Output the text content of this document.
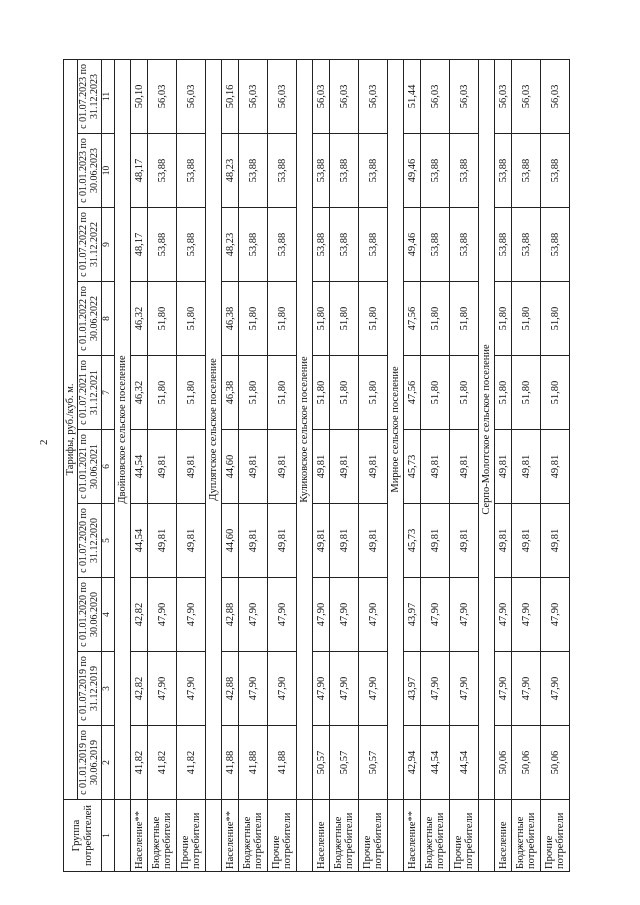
2
Группа потребителей	Тарифы, руб./куб. м.									
	с 01.01.2019 по 30.06.2019	с 01.07.2019 по 31.12.2019	с 01.01.2020 по 30.06.2020	с 01.07.2020 по 31.12.2020	с 01.01.2021 по 30.06.2021	с 01.07.2021 по 31.12.2021	с 01.01.2022 по 30.06.2022	с 01.07.2022 по 31.12.2022	с 01.01.2023 по 30.06.2023	с 01.07.2023 по 31.12.2023
1	2	3	4	5	6	7	8	9	10	11
	Двойновское сельское поселение									
Население**	41,82	42,82	42,82	44,54	44,54	46,32	46,32	48,17	48,17	50,10
Бюджетные потребители	41,82	47,90	47,90	49,81	49,81	51,80	51,80	53,88	53,88	56,03
Прочие потребители	41,82	47,90	47,90	49,81	49,81	51,80	51,80	53,88	53,88	56,03
	Дуплятское сельское поселение									
Население**	41,88	42,88	42,88	44,60	44,60	46,38	46,38	48,23	48,23	50,16
Бюджетные потребители	41,88	47,90	47,90	49,81	49,81	51,80	51,80	53,88	53,88	56,03
Прочие потребители	41,88	47,90	47,90	49,81	49,81	51,80	51,80	53,88	53,88	56,03
	Куликовское сельское поселение									
Население	50,57	47,90	47,90	49,81	49,81	51,80	51,80	53,88	53,88	56,03
Бюджетные потребители	50,57	47,90	47,90	49,81	49,81	51,80	51,80	53,88	53,88	56,03
Прочие потребители	50,57	47,90	47,90	49,81	49,81	51,80	51,80	53,88	53,88	56,03
	Мирное сельское поселение									
Население**	42,94	43,97	43,97	45,73	45,73	47,56	47,56	49,46	49,46	51,44
Бюджетные потребители	44,54	47,90	47,90	49,81	49,81	51,80	51,80	53,88	53,88	56,03
Прочие потребители	44,54	47,90	47,90	49,81	49,81	51,80	51,80	53,88	53,88	56,03
	Серпо-Молотское сельское поселение									
Население	50,06	47,90	47,90	49,81	49,81	51,80	51,80	53,88	53,88	56,03
Бюджетные потребители	50,06	47,90	47,90	49,81	49,81	51,80	51,80	53,88	53,88	56,03
Прочие потребители	50,06	47,90	47,90	49,81	49,81	51,80	51,80	53,88	53,88	56,03
